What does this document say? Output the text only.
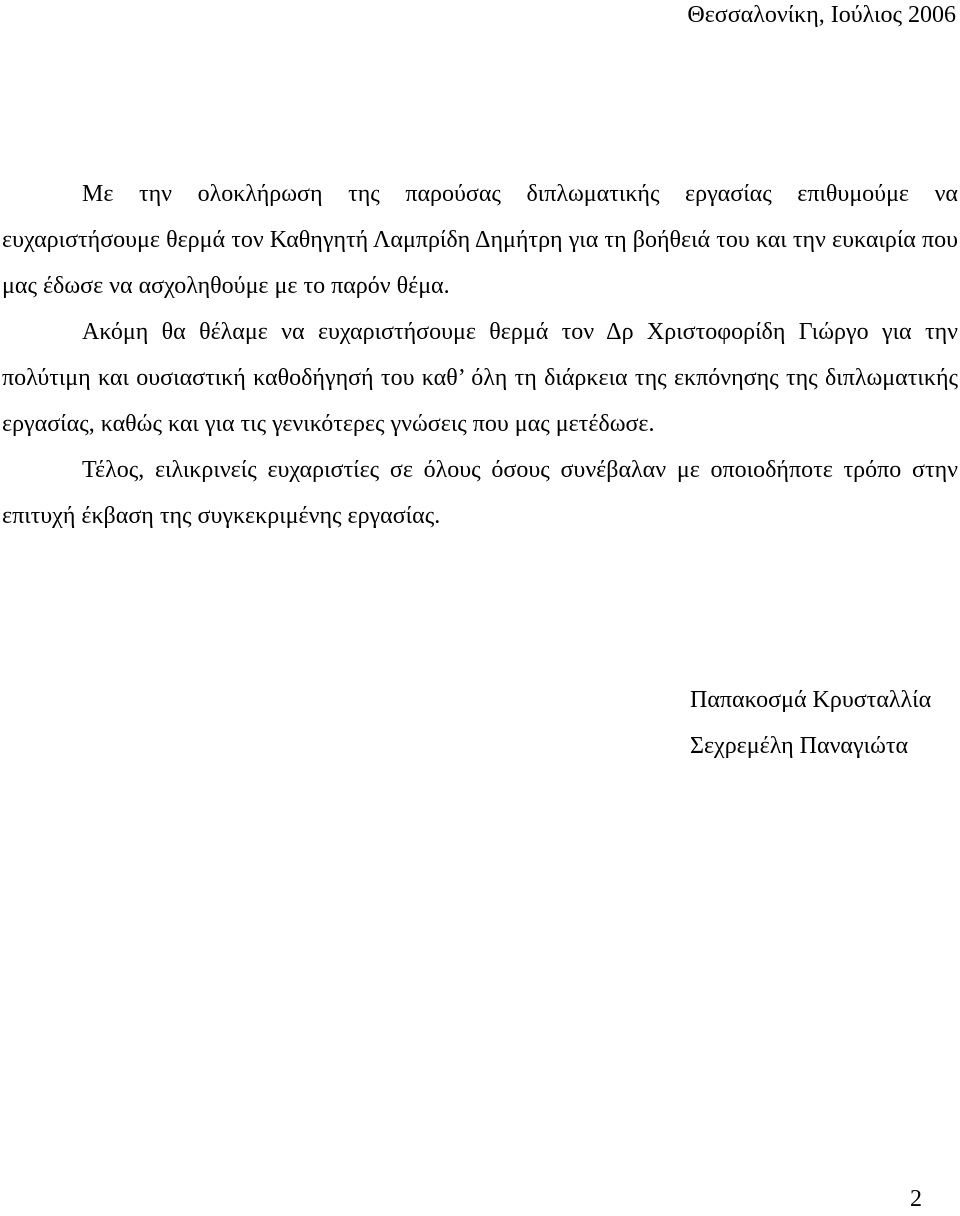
Θεσσαλονίκη, Ιούλιος 2006

Με την ολοκλήρωση της παρούσας διπλωματικής εργασίας επιθυμούμε να ευχαριστήσουμε θερμά τον Καθηγητή Λαμπρίδη Δημήτρη για τη βοήθειά του και την ευκαιρία που μας έδωσε να ασχοληθούμε με το παρόν θέμα.

Ακόμη θα θέλαμε να ευχαριστήσουμε θερμά τον Δρ Χριστοφορίδη Γιώργο για την πολύτιμη και ουσιαστική καθοδήγησή του καθ’ όλη τη διάρκεια της εκπόνησης της διπλωματικής εργασίας, καθώς και για τις γενικότερες γνώσεις που μας μετέδωσε.

Τέλος, ειλικρινείς ευχαριστίες σε όλους όσους συνέβαλαν με οποιοδήποτε τρόπο στην επιτυχή έκβαση της συγκεκριμένης εργασίας.

Παπακοσμά Κρυσταλλία
Σεχρεμέλη Παναγιώτα
2
